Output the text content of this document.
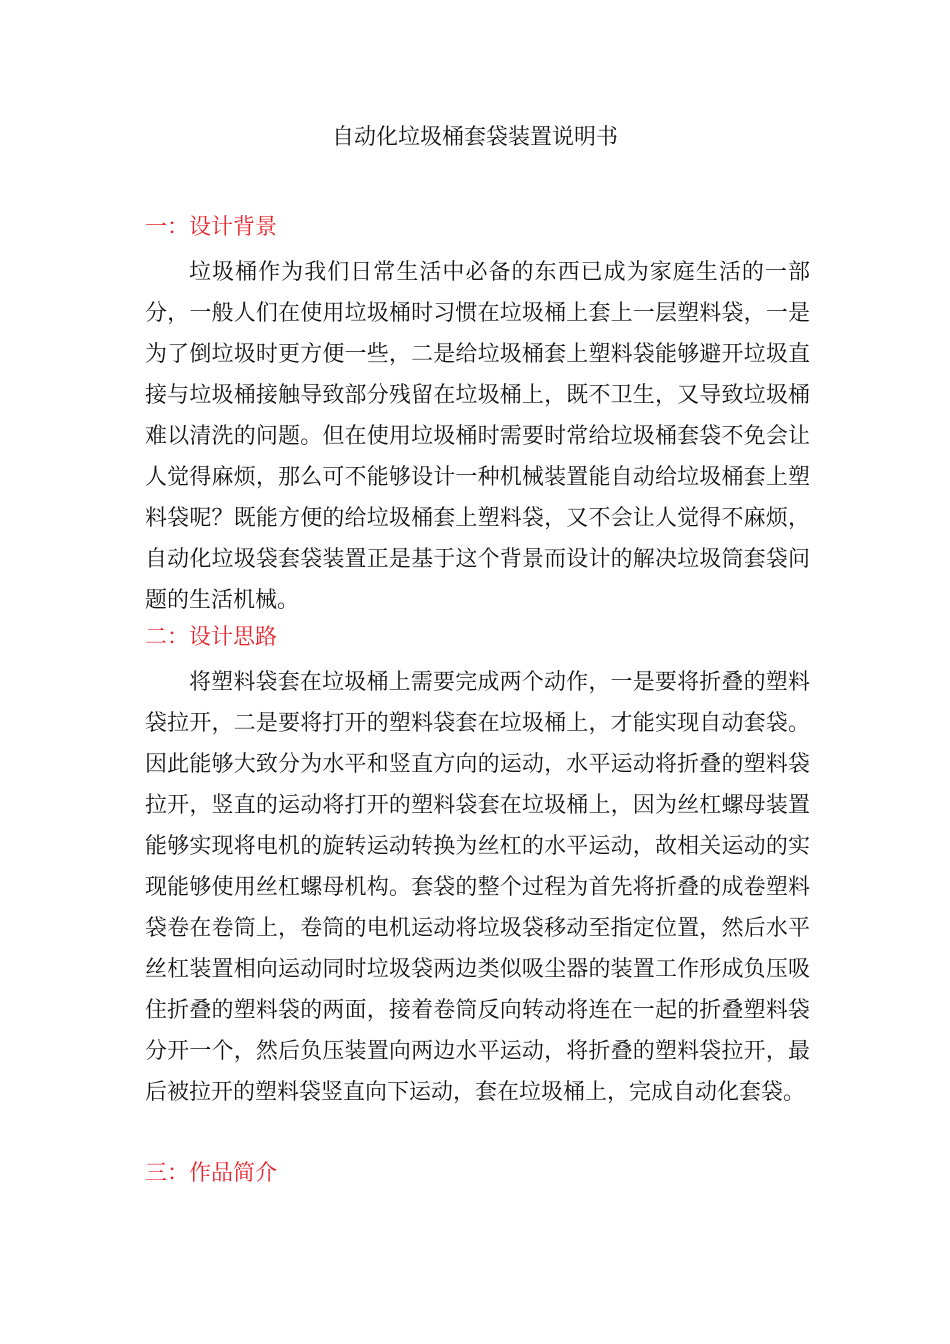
自动化垃圾桶套袋装置说明书
一：设计背景

垃圾桶作为我们日常生活中必备的东西已成为家庭生活的一部分，一般人们在使用垃圾桶时习惯在垃圾桶上套上一层塑料袋，一是为了倒垃圾时更方便一些，二是给垃圾桶套上塑料袋能够避开垃圾直接与垃圾桶接触导致部分残留在垃圾桶上，既不卫生，又导致垃圾桶难以清洗的问题。但在使用垃圾桶时需要时常给垃圾桶套袋不免会让人觉得麻烦，那么可不能够设计一种机械装置能自动给垃圾桶套上塑料袋呢？既能方便的给垃圾桶套上塑料袋，又不会让人觉得不麻烦，自动化垃圾袋套袋装置正是基于这个背景而设计的解决垃圾筒套袋问题的生活机械。

二：设计思路

将塑料袋套在垃圾桶上需要完成两个动作，一是要将折叠的塑料袋拉开，二是要将打开的塑料袋套在垃圾桶上，才能实现自动套袋。因此能够大致分为水平和竖直方向的运动，水平运动将折叠的塑料袋拉开，竖直的运动将打开的塑料袋套在垃圾桶上，因为丝杠螺母装置能够实现将电机的旋转运动转换为丝杠的水平运动，故相关运动的实现能够使用丝杠螺母机构。套袋的整个过程为首先将折叠的成卷塑料袋卷在卷筒上，卷筒的电机运动将垃圾袋移动至指定位置，然后水平丝杠装置相向运动同时垃圾袋两边类似吸尘器的装置工作形成负压吸住折叠的塑料袋的两面，接着卷筒反向转动将连在一起的折叠塑料袋分开一个，然后负压装置向两边水平运动，将折叠的塑料袋拉开，最后被拉开的塑料袋竖直向下运动，套在垃圾桶上，完成自动化套袋。

三：作品简介
